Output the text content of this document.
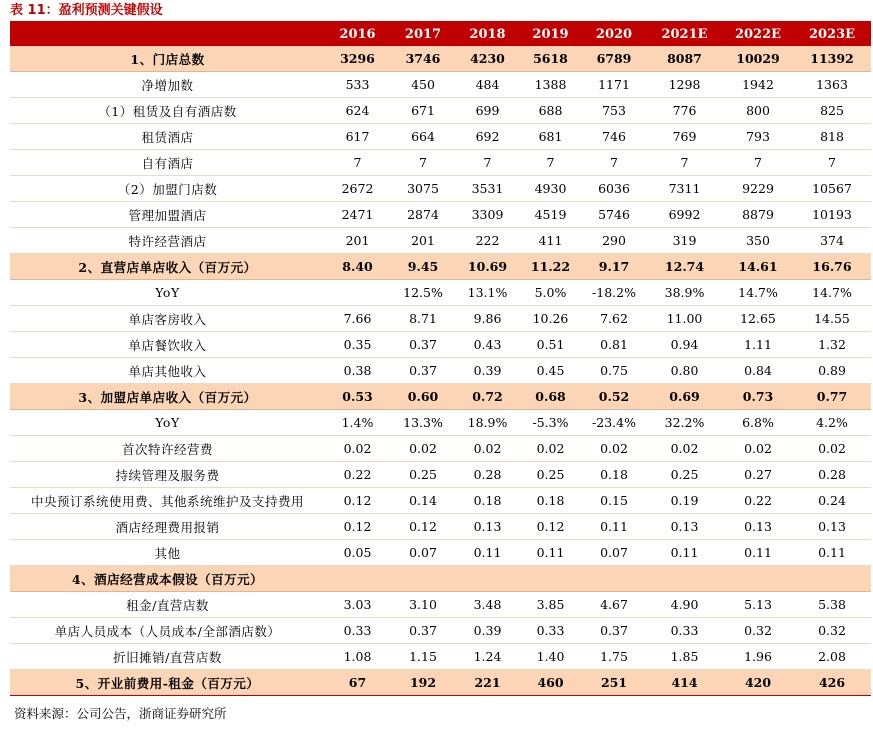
表 11：盈利预测关键假设
	2016	2017	2018	2019	2020	2021E	2022E	2023E
1、门店总数	3296	3746	4230	5618	6789	8087	10029	11392
净增加数	533	450	484	1388	1171	1298	1942	1363
（1）租赁及自有酒店数	624	671	699	688	753	776	800	825
租赁酒店	617	664	692	681	746	769	793	818
自有酒店	7	7	7	7	7	7	7	7
（2）加盟门店数	2672	3075	3531	4930	6036	7311	9229	10567
管理加盟酒店	2471	2874	3309	4519	5746	6992	8879	10193
特许经营酒店	201	201	222	411	290	319	350	374
2、直营店单店收入（百万元）	8.40	9.45	10.69	11.22	9.17	12.74	14.61	16.76
YoY		12.5%	13.1%	5.0%	-18.2%	38.9%	14.7%	14.7%
单店客房收入	7.66	8.71	9.86	10.26	7.62	11.00	12.65	14.55
单店餐饮收入	0.35	0.37	0.43	0.51	0.81	0.94	1.11	1.32
单店其他收入	0.38	0.37	0.39	0.45	0.75	0.80	0.84	0.89
3、加盟店单店收入（百万元）	0.53	0.60	0.72	0.68	0.52	0.69	0.73	0.77
YoY	1.4%	13.3%	18.9%	-5.3%	-23.4%	32.2%	6.8%	4.2%
首次特许经营费	0.02	0.02	0.02	0.02	0.02	0.02	0.02	0.02
持续管理及服务费	0.22	0.25	0.28	0.25	0.18	0.25	0.27	0.28
中央预订系统使用费、其他系统维护及支持费用	0.12	0.14	0.18	0.18	0.15	0.19	0.22	0.24
酒店经理费用报销	0.12	0.12	0.13	0.12	0.11	0.13	0.13	0.13
其他	0.05	0.07	0.11	0.11	0.07	0.11	0.11	0.11
4、酒店经营成本假设（百万元）								
租金/直营店数	3.03	3.10	3.48	3.85	4.67	4.90	5.13	5.38
单店人员成本（人员成本/全部酒店数）	0.33	0.37	0.39	0.33	0.37	0.33	0.32	0.32
折旧摊销/直营店数	1.08	1.15	1.24	1.40	1.75	1.85	1.96	2.08
5、开业前费用-租金（百万元）	67	192	221	460	251	414	420	426
资料来源：公司公告，浙商证券研究所
